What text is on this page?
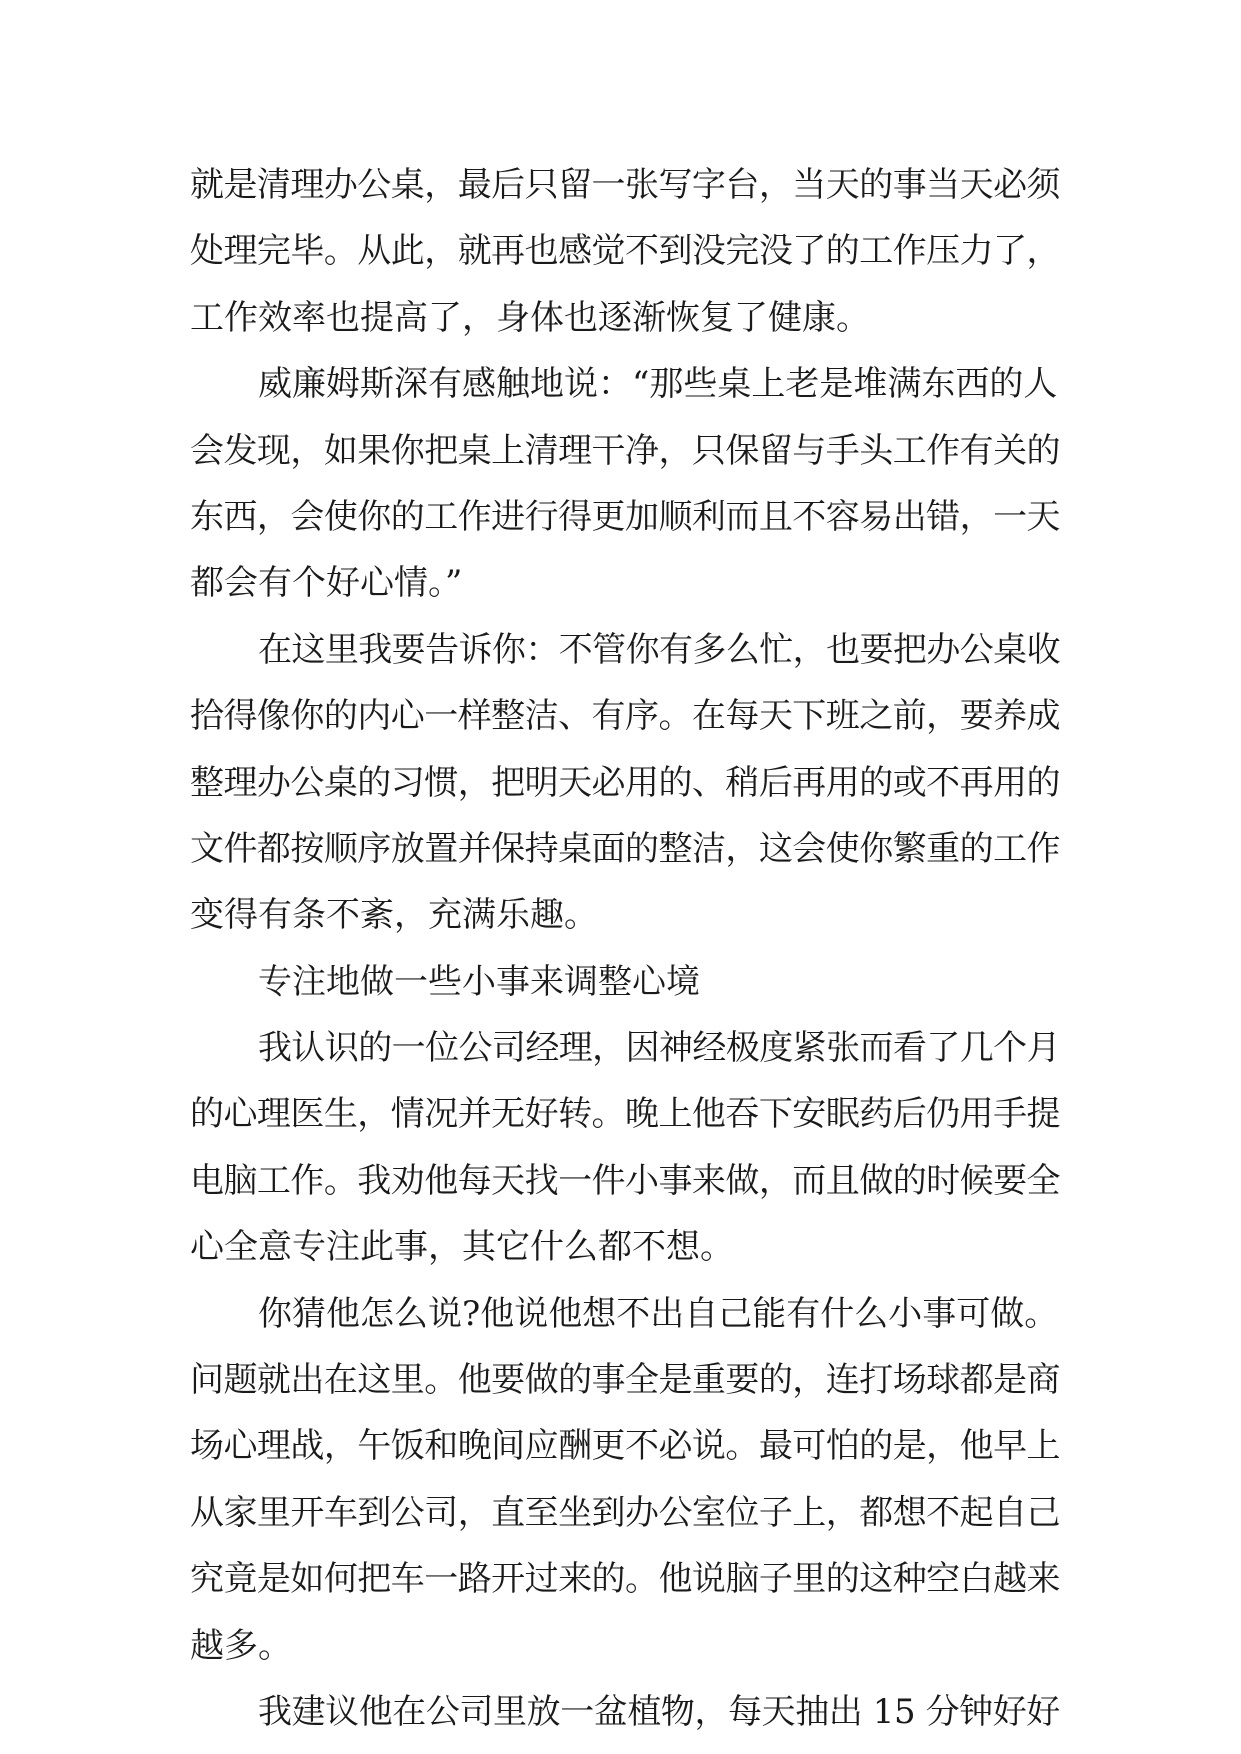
就是清理办公桌，最后只留一张写字台，当天的事当天必须
处理完毕。从此，就再也感觉不到没完没了的工作压力了，
工作效率也提高了，身体也逐渐恢复了健康。
威廉姆斯深有感触地说：“那些桌上老是堆满东西的人
会发现，如果你把桌上清理干净，只保留与手头工作有关的
东西，会使你的工作进行得更加顺利而且不容易出错，一天
都会有个好心情。”
在这里我要告诉你：不管你有多么忙，也要把办公桌收
拾得像你的内心一样整洁、有序。在每天下班之前，要养成
整理办公桌的习惯，把明天必用的、稍后再用的或不再用的
文件都按顺序放置并保持桌面的整洁，这会使你繁重的工作
变得有条不紊，充满乐趣。
专注地做一些小事来调整心境
我认识的一位公司经理，因神经极度紧张而看了几个月
的心理医生，情况并无好转。晚上他吞下安眠药后仍用手提
电脑工作。我劝他每天找一件小事来做，而且做的时候要全
心全意专注此事，其它什么都不想。
你猜他怎么说?他说他想不出自己能有什么小事可做。
问题就出在这里。他要做的事全是重要的，连打场球都是商
场心理战，午饭和晚间应酬更不必说。最可怕的是，他早上
从家里开车到公司，直至坐到办公室位子上，都想不起自己
究竟是如何把车一路开过来的。他说脑子里的这种空白越来
越多。
我建议他在公司里放一盆植物，每天抽出 15 分钟好好
